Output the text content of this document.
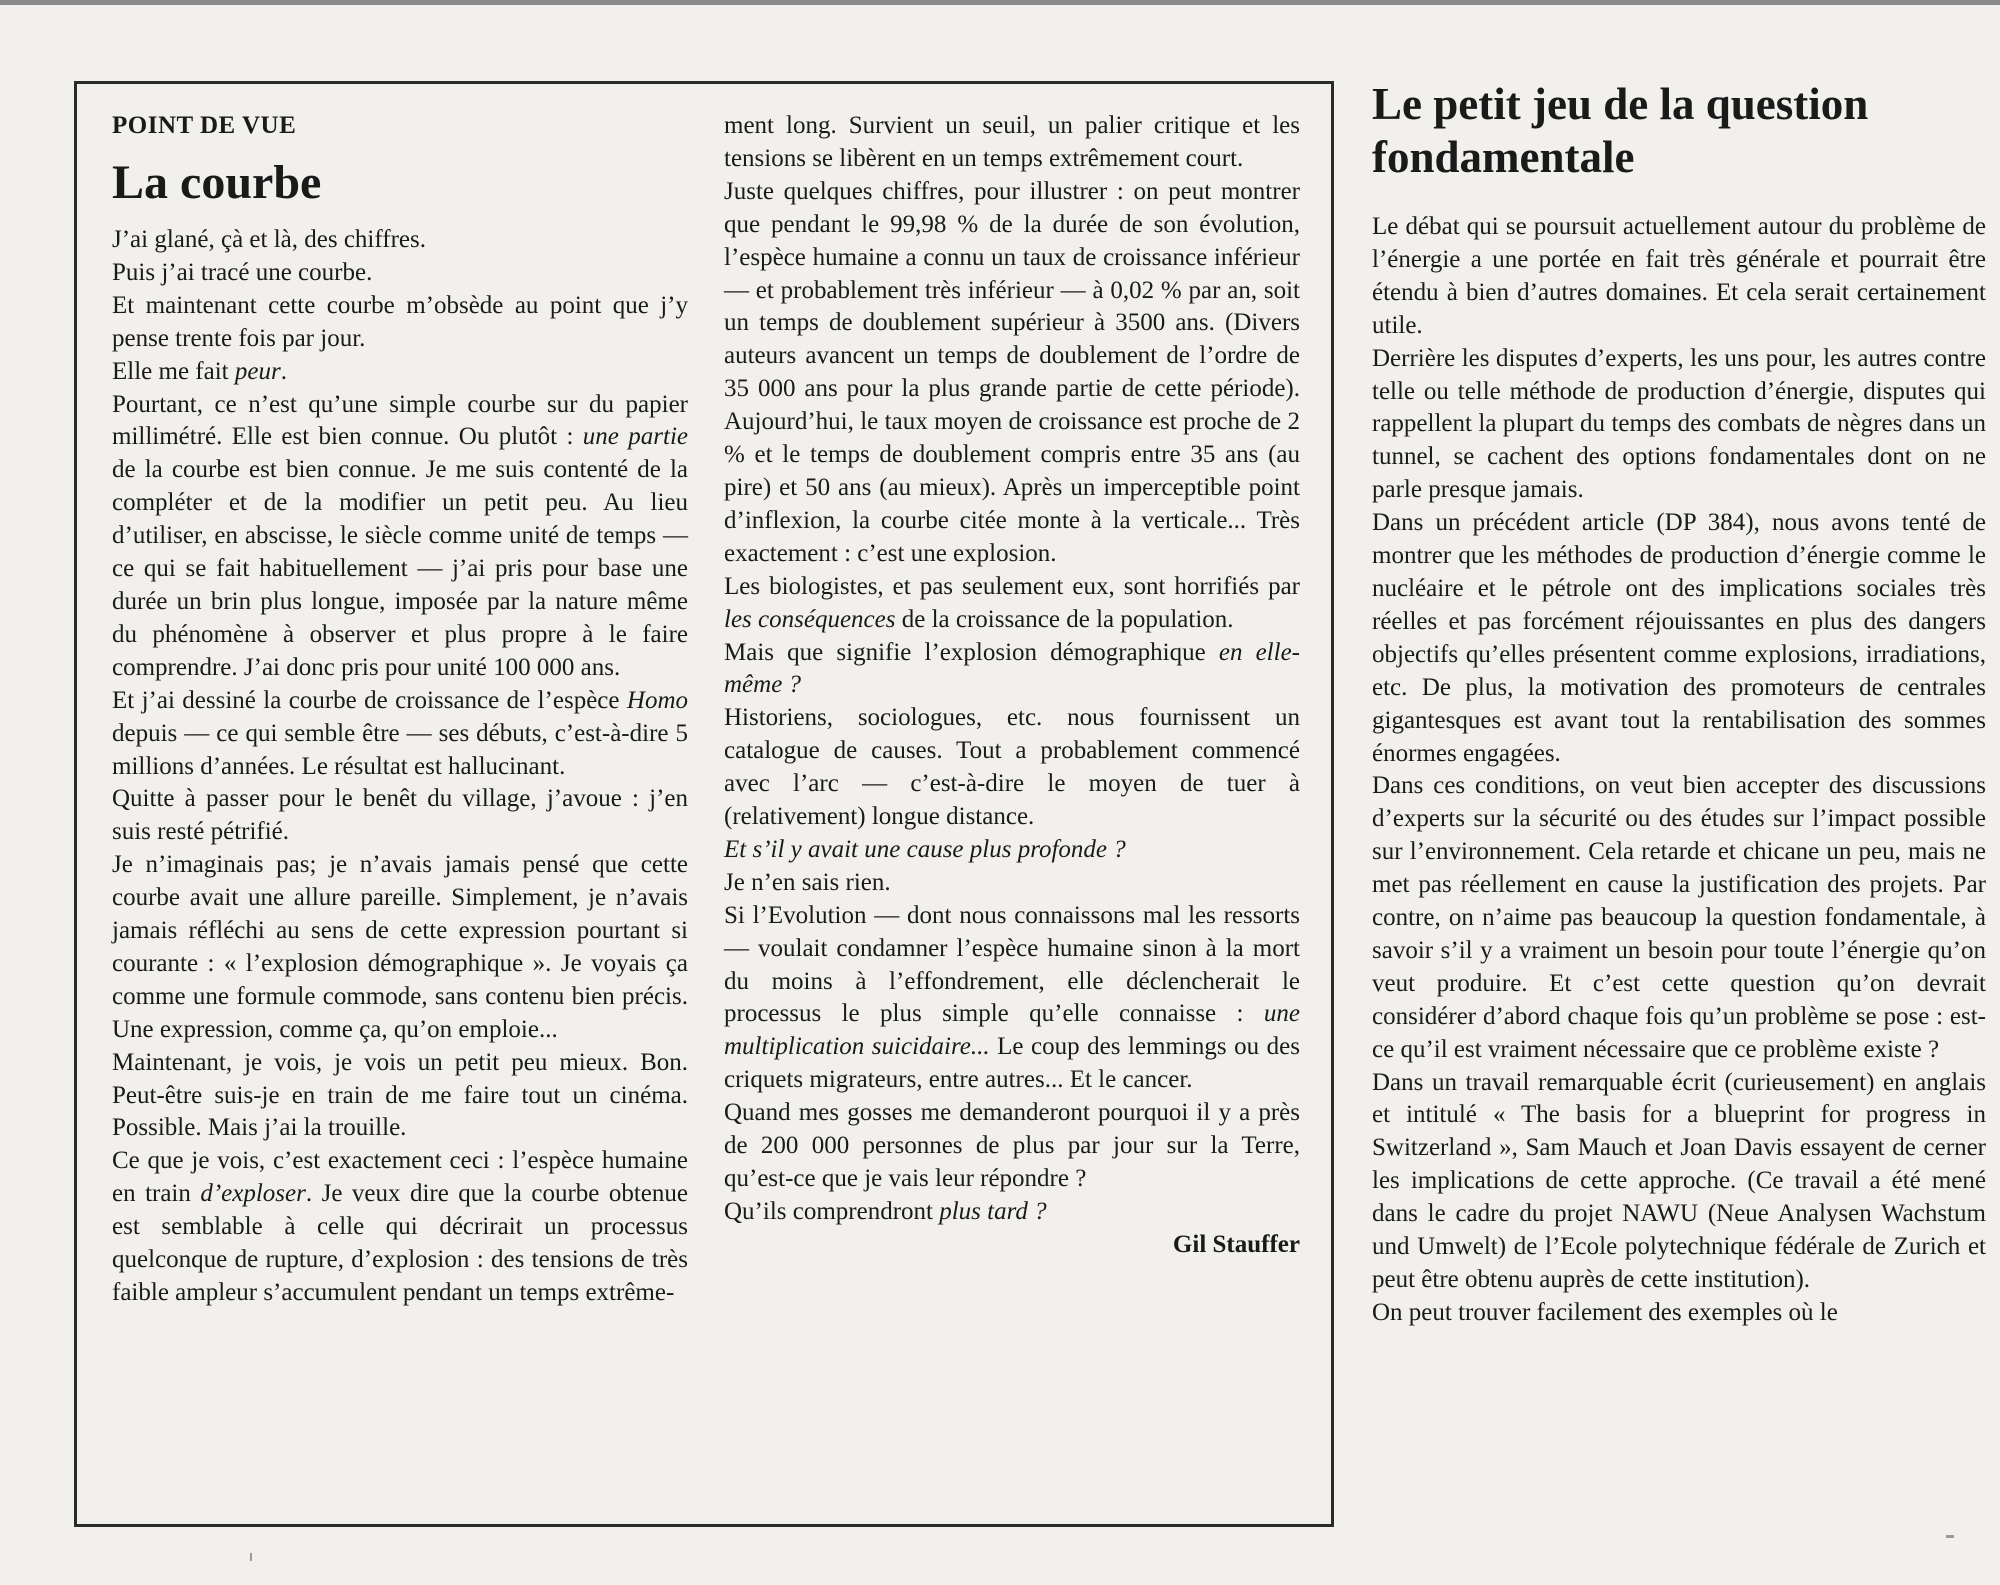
POINT DE VUE
La courbe

J’ai glané, çà et là, des chiffres.

Puis j’ai tracé une courbe.

Et maintenant cette courbe m’obsède au point que j’y pense trente fois par jour.

Elle me fait peur.

Pourtant, ce n’est qu’une simple courbe sur du papier millimétré. Elle est bien connue. Ou plutôt : une partie de la courbe est bien connue. Je me suis contenté de la compléter et de la modifier un petit peu. Au lieu d’utiliser, en abscisse, le siècle comme unité de temps — ce qui se fait habituellement — j’ai pris pour base une durée un brin plus longue, imposée par la nature même du phénomène à observer et plus propre à le faire comprendre. J’ai donc pris pour unité 100 000 ans.

Et j’ai dessiné la courbe de croissance de l’espèce Homo depuis — ce qui semble être — ses débuts, c’est-à-dire 5 millions d’années. Le résultat est hallucinant.

Quitte à passer pour le benêt du village, j’avoue : j’en suis resté pétrifié.

Je n’imaginais pas; je n’avais jamais pensé que cette courbe avait une allure pareille. Simplement, je n’avais jamais réfléchi au sens de cette expression pourtant si courante : « l’explosion démographique ». Je voyais ça comme une formule commode, sans contenu bien précis. Une expression, comme ça, qu’on emploie...

Maintenant, je vois, je vois un petit peu mieux. Bon. Peut-être suis-je en train de me faire tout un cinéma. Possible. Mais j’ai la trouille.

Ce que je vois, c’est exactement ceci : l’espèce humaine en train d’exploser. Je veux dire que la courbe obtenue est semblable à celle qui décrirait un processus quelconque de rupture, d’explosion : des tensions de très faible ampleur s’accumulent pendant un temps extrême-

ment long. Survient un seuil, un palier critique et les tensions se libèrent en un temps extrêmement court.

Juste quelques chiffres, pour illustrer : on peut montrer que pendant le 99,98 % de la durée de son évolution, l’espèce humaine a connu un taux de croissance inférieur — et probablement très inférieur — à 0,02 % par an, soit un temps de doublement supérieur à 3500 ans. (Divers auteurs avancent un temps de doublement de l’ordre de 35 000 ans pour la plus grande partie de cette période). Aujourd’hui, le taux moyen de croissance est proche de 2 % et le temps de doublement compris entre 35 ans (au pire) et 50 ans (au mieux). Après un imperceptible point d’inflexion, la courbe citée monte à la verticale... Très exactement : c’est une explosion.

Les biologistes, et pas seulement eux, sont horrifiés par les conséquences de la croissance de la population.

Mais que signifie l’explosion démographique en elle-même ?

Historiens, sociologues, etc. nous fournissent un catalogue de causes. Tout a probablement commencé avec l’arc — c’est-à-dire le moyen de tuer à (relativement) longue distance.

Et s’il y avait une cause plus profonde ?

Je n’en sais rien.

Si l’Evolution — dont nous connaissons mal les ressorts — voulait condamner l’espèce humaine sinon à la mort du moins à l’effondrement, elle déclencherait le processus le plus simple qu’elle connaisse : une multiplication suicidaire... Le coup des lemmings ou des criquets migrateurs, entre autres... Et le cancer.

Quand mes gosses me demanderont pourquoi il y a près de 200 000 personnes de plus par jour sur la Terre, qu’est-ce que je vais leur répondre ?

Qu’ils comprendront plus tard ?

Gil Stauffer

Le petit jeu de la question fondamentale

Le débat qui se poursuit actuellement autour du problème de l’énergie a une portée en fait très générale et pourrait être étendu à bien d’autres domaines. Et cela serait certainement utile.

Derrière les disputes d’experts, les uns pour, les autres contre telle ou telle méthode de production d’énergie, disputes qui rappellent la plupart du temps des combats de nègres dans un tunnel, se cachent des options fondamentales dont on ne parle presque jamais.

Dans un précédent article (DP 384), nous avons tenté de montrer que les méthodes de production d’énergie comme le nucléaire et le pétrole ont des implications sociales très réelles et pas forcément réjouissantes en plus des dangers objectifs qu’elles présentent comme explosions, irradiations, etc. De plus, la motivation des promoteurs de centrales gigantesques est avant tout la rentabilisation des sommes énormes engagées.

Dans ces conditions, on veut bien accepter des discussions d’experts sur la sécurité ou des études sur l’impact possible sur l’environnement. Cela retarde et chicane un peu, mais ne met pas réellement en cause la justification des projets. Par contre, on n’aime pas beaucoup la question fondamentale, à savoir s’il y a vraiment un besoin pour toute l’énergie qu’on veut produire. Et c’est cette question qu’on devrait considérer d’abord chaque fois qu’un problème se pose : est-ce qu’il est vraiment nécessaire que ce problème existe ?

Dans un travail remarquable écrit (curieusement) en anglais et intitulé « The basis for a blueprint for progress in Switzerland », Sam Mauch et Joan Davis essayent de cerner les implications de cette approche. (Ce travail a été mené dans le cadre du projet NAWU (Neue Analysen Wachstum und Umwelt) de l’Ecole polytechnique fédérale de Zurich et peut être obtenu auprès de cette institution).

On peut trouver facilement des exemples où le
